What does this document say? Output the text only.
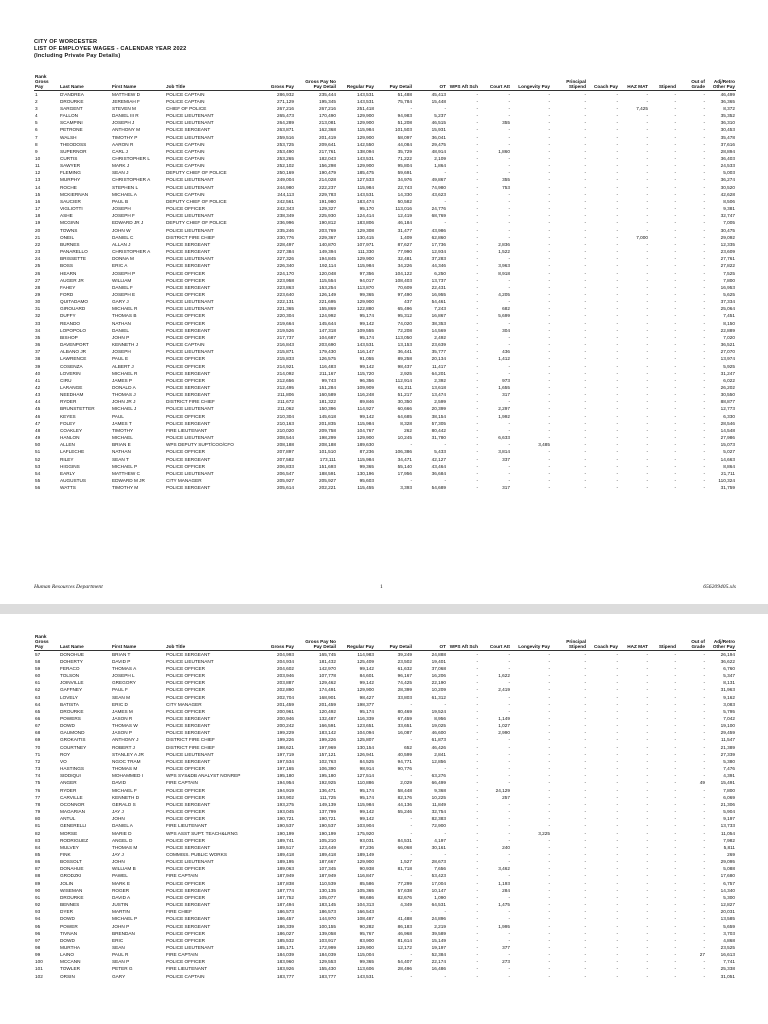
CITY OF WORCESTER
LIST OF EMPLOYEE WAGES - CALENDAR YEAR 2022
(Including Private Pay Details)
Rank Gross Pay	Last Name	First Name	Job Title	Gross Pay	Gross Pay No Pay Detail	Regular Pay	Pay Detail	OT	WPS Aft Sch	Court Att	Longevity Pay	Principal Stipend	Coach Pay	HAZ MAT	Stipend	Out of Grade	Adj/Retro Other Pay
1	D'ANDREA	MATTHEW D	POLICE CAPTAIN	286,932	235,444	143,531	51,488	45,413	-	-	-	-	-	-	-	-	46,499
2	DROURKE	JEREMIAH F	POLICE CAPTAIN	271,129	195,345	143,531	75,784	15,448	-	-	-	-	-	-	-	-	36,365
3	SARGENT	STEVEN M	CHIEF OF POLICE	267,216	267,216	251,418	-	-	-	-	-	-	-	7,425	-	-	8,372
4	FALLON	DANIEL III R	POLICE LIEUTENANT	265,473	170,490	129,900	94,983	5,237	-	-	-	-	-	-	-	-	35,352
5	SCAMPINI	JOSEPH J	POLICE LIEUTENANT	264,289	213,081	129,900	51,208	46,515	-	355	-	-	-	-	-	-	36,310
6	PETRONE	ANTHONY M	POLICE SERGEANT	263,871	162,368	115,984	101,503	15,931	-	-	-	-	-	-	-	-	30,453
7	WALSH	TIMOTHY P	POLICE LIEUTENANT	259,516	201,419	129,900	58,097	36,041	-	-	-	-	-	-	-	-	35,478
8	THEODOSS	AARON R	POLICE CAPTAIN	253,725	209,641	142,550	44,084	29,475	-	-	-	-	-	-	-	-	37,616
9	SUPERNOR	CARL J	POLICE CAPTAIN	253,490	217,761	138,094	35,729	48,914	-	1,860	-	-	-	-	-	-	28,894
10	CURTIS	CHRISTOPHER L	POLICE CAPTAIN	253,265	182,043	143,531	71,222	2,109	-	-	-	-	-	-	-	-	36,403
11	SAWYER	MARK J	POLICE CAPTAIN	252,102	156,298	129,900	95,804	1,864	-	-	-	-	-	-	-	-	24,533
12	FLEMING	SEAN J	DEPUTY CHIEF OF POLICE	250,169	190,479	185,475	59,691	-	-	-	-	-	-	-	-	-	5,003
13	MURPHY	CHRISTOPHER A	POLICE LIEUTENANT	249,004	214,028	127,533	34,976	49,867	-	355	-	-	-	-	-	-	36,274
14	ROCHE	STEPHEN L	POLICE LIEUTENANT	244,980	222,237	115,984	22,743	74,980	-	753	-	-	-	-	-	-	30,520
15	MCKIERNAN	MICHAEL A	POLICE CAPTAIN	244,113	229,783	143,531	14,330	43,623	-	-	-	-	-	-	-	-	42,628
16	SAUCIER	PAUL B	DEPUTY CHIEF OF POLICE	242,561	191,980	183,474	50,582	-	-	-	-	-	-	-	-	-	8,506
17	VIGLIOTTI	JOSEPH	POLICE OFFICER	242,343	129,327	95,170	113,016	24,776	-	-	-	-	-	-	-	-	9,381
18	ASHE	JOSEPH F	POLICE LIEUTENANT	238,349	225,930	124,414	12,419	68,769	-	-	-	-	-	-	-	-	32,747
19	MCGINN	EDWARD JR J	DEPUTY CHIEF OF POLICE	236,996	190,812	183,806	46,184	-	-	-	-	-	-	-	-	-	7,005
20	TOWNS	JOHN W	POLICE LIEUTENANT	235,246	203,769	129,308	31,477	43,986	-	-	-	-	-	-	-	-	30,475
21	ONEIL	DANIEL C	DISTRICT FIRE CHIEF	230,776	229,367	130,415	1,409	62,860	-	-	-	-	-	7,000	-	-	29,092
22	BURNES	ALLAN J	POLICE SERGEANT	228,497	140,870	107,971	87,627	17,736	-	2,836	-	-	-	-	-	-	12,335
23	PANARELLO	CHRISTOPHER A	POLICE SERGEANT	227,384	149,394	111,330	77,990	12,934	-	1,522	-	-	-	-	-	-	23,609
24	BRISSETTE	DONNA M	POLICE LIEUTENANT	227,326	194,845	129,900	32,481	37,283	-	-	-	-	-	-	-	-	27,761
25	BOSS	ERIC A	POLICE SERGEANT	226,340	192,114	115,984	34,226	44,346	-	3,963	-	-	-	-	-	-	27,822
26	HEARN	JOSEPH P	POLICE OFFICER	224,170	120,048	97,356	104,122	6,250	-	8,918	-	-	-	-	-	-	7,525
27	AUGER JR	WILLIAM	POLICE OFFICER	223,958	115,554	94,017	108,403	13,737	-	-	-	-	-	-	-	-	7,800
28	FAHEY	DANIEL F	POLICE SERGEANT	223,863	153,254	113,870	70,609	22,431	-	-	-	-	-	-	-	-	16,953
29	FORD	JOSEPH E	POLICE OFFICER	223,640	126,149	99,365	97,490	16,955	-	4,205	-	-	-	-	-	-	5,625
30	QUITADAMO	GARY J	POLICE LIEUTENANT	222,131	221,695	129,900	437	54,461	-	-	-	-	-	-	-	-	37,334
31	GIROUARD	MICHAEL R	POLICE LIEUTENANT	221,365	155,869	122,880	65,496	7,243	-	682	-	-	-	-	-	-	25,064
32	DUFFY	THOMAS B	POLICE OFFICER	220,304	124,992	95,174	95,312	16,867	-	5,699	-	-	-	-	-	-	7,451
33	REANDO	NATHAN	POLICE OFFICER	219,664	145,644	99,142	74,020	38,353	-	-	-	-	-	-	-	-	8,150
34	LOPOPOLO	DANIEL	POLICE SERGEANT	219,526	147,318	109,555	72,208	14,569	-	304	-	-	-	-	-	-	22,889
35	BISHOP	JOHN P	POLICE OFFICER	217,737	104,687	95,174	113,050	2,492	-	-	-	-	-	-	-	-	7,020
36	DAVENPORT	KENNETH J	POLICE CAPTAIN	216,843	203,690	143,531	13,153	23,639	-	-	-	-	-	-	-	-	36,521
37	ALBANO JR	JOSEPH	POLICE LIEUTENANT	215,871	179,430	116,147	36,441	35,777	-	436	-	-	-	-	-	-	27,070
38	LAWRENCE	PAUL E	POLICE OFFICER	215,833	126,575	91,055	89,258	20,134	-	1,412	-	-	-	-	-	-	13,974
39	COSENZA	ALBERT J	POLICE OFFICER	214,921	116,483	99,142	98,437	11,417	-	-	-	-	-	-	-	-	5,925
40	LOVERIN	MICHAEL R	POLICE SERGEANT	214,092	211,167	115,720	2,925	64,201	-	-	-	-	-	-	-	-	31,247
41	CIRU	JAMES P	POLICE OFFICER	212,656	99,743	96,356	112,914	2,392	-	973	-	-	-	-	-	-	6,022
42	LARANGE	DONALD A	POLICE SERGEANT	212,495	151,284	109,909	61,211	13,618	-	1,655	-	-	-	-	-	-	26,202
43	NEEDHAM	THOMAS J	POLICE SERGEANT	211,806	160,589	116,248	51,217	13,474	-	317	-	-	-	-	-	-	30,550
44	RYDER	JOHN JR J	DISTRICT FIRE CHIEF	211,672	181,322	89,846	30,350	2,599	-	-	-	-	-	-	-	-	88,877
45	BRUNSTETTER	MICHAEL J	POLICE LIEUTENANT	211,062	150,396	114,927	60,666	20,399	-	2,297	-	-	-	-	-	-	12,773
46	KEYES	PAUL	POLICE OFFICER	210,304	145,618	99,142	64,685	38,154	-	1,992	-	-	-	-	-	-	6,330
47	FOLEY	JAMES T	POLICE SERGEANT	210,163	201,835	115,984	8,328	57,305	-	-	-	-	-	-	-	-	28,546
48	COAKLEY	TIMOTHY	FIRE LIEUTENANT	210,020	209,758	104,767	262	80,442	-	-	-	-	-	-	-	-	14,548
49	HANLON	MICHAEL	POLICE LIEUTENANT	208,544	198,299	129,900	10,245	31,780	-	6,633	-	-	-	-	-	-	27,986
50	ALLEN	BRIAN E	WPS DEPUTY SUPT/COO/CFO	208,188	208,188	189,630	-	-	-	-	3,485	-	-	-	-	-	15,073
51	LAFLECHE	NATHAN	POLICE OFFICER	207,897	101,510	87,236	106,386	5,433	-	3,814	-	-	-	-	-	-	5,027
52	RILEY	SEAN T	POLICE SERGEANT	207,582	173,111	115,984	34,471	42,127	-	337	-	-	-	-	-	-	14,663
53	HIGGINS	MICHAEL P	POLICE OFFICER	206,833	151,693	99,365	55,140	43,464	-	-	-	-	-	-	-	-	8,864
54	EARLY	MATTHEW C	POLICE LIEUTENANT	206,547	188,591	130,196	17,956	36,684	-	-	-	-	-	-	-	-	21,711
55	AUGUSTUS	EDWARD M JR	CITY MANAGER	205,927	205,927	95,603	-	-	-	-	-	-	-	-	-	-	110,324
56	WATTS	TIMOTHY M	POLICE SERGEANT	205,614	202,221	115,455	3,393	54,689	-	317	-	-	-	-	-	-	31,759
Human Resources Department	1	656209405.xls
Rank Gross Pay	Last Name	First Name	Job Title	Gross Pay	Gross Pay No Pay Detail	Regular Pay	Pay Detail	OT	WPS Aft Sch	Court Att	Longevity Pay	Principal Stipend	Coach Pay	HAZ MAT	Stipend	Out of Grade	Adj/Retro Other Pay
57	DONOHUE	BRIAN T	POLICE SERGEANT	204,993	165,745	114,983	39,249	24,888	-	-	-	-	-	-	-	-	26,194
58	DOHERTY	DAVID P	POLICE LIEUTENANT	204,934	181,432	125,409	23,502	19,401	-	-	-	-	-	-	-	-	36,622
59	FERACO	THOMAS A	POLICE OFFICER	204,602	142,970	99,142	61,632	37,068	-	-	-	-	-	-	-	-	6,760
60	TOLSON	JOSEPH L	POLICE OFFICER	203,946	107,778	84,601	96,167	16,206	-	1,622	-	-	-	-	-	-	5,347
61	JOINVILLE	GREGORY	POLICE OFFICER	203,887	129,462	99,142	74,425	22,190	-	-	-	-	-	-	-	-	8,131
62	GAFFNEY	PAUL F	POLICE OFFICER	202,890	174,491	129,900	28,399	10,209	-	2,419	-	-	-	-	-	-	31,963
63	LOVELY	SEAN M	POLICE OFFICER	202,704	168,901	98,427	33,803	61,312	-	-	-	-	-	-	-	-	9,162
64	BATISTA	ERIC D	CITY MANAGER	201,459	201,459	198,377	-	-	-	-	-	-	-	-	-	-	3,083
65	DROURKE	JAMES M	POLICE OFFICER	200,961	120,492	95,174	80,469	19,524	-	-	-	-	-	-	-	-	5,795
66	POWERS	JASON R	POLICE SERGEANT	200,946	132,487	116,339	67,459	8,956	-	1,149	-	-	-	-	-	-	7,042
67	DOWD	THOMAS W	POLICE SERGEANT	200,242	166,591	123,651	33,651	19,025	-	1,027	-	-	-	-	-	-	19,100
68	GAUMOND	JASON P	POLICE SERGEANT	199,229	183,142	104,094	16,087	46,600	-	2,990	-	-	-	-	-	-	29,459
69	GROKAITIS	ANTHONY J	DISTRICT FIRE CHIEF	199,226	199,226	125,807	-	61,873	-	-	-	-	-	-	-	-	11,547
70	COURTNEY	ROBERT J	DISTRICT FIRE CHIEF	198,621	197,969	130,154	652	46,426	-	-	-	-	-	-	-	-	21,389
71	ROY	STANLEY A JR	POLICE LIEUTENANT	197,719	157,121	126,941	40,599	2,841	-	-	-	-	-	-	-	-	27,339
72	VO	NGOC TRAM	POLICE SERGEANT	197,534	102,763	84,525	94,771	12,856	-	-	-	-	-	-	-	-	5,380
73	HASTINGS	THOMAS M	POLICE OFFICER	197,165	106,390	98,914	90,776	-	-	-	-	-	-	-	-	-	7,476
74	SIDDIQUI	MOHAMMED I	WPS SYS&DB ANALYST NONREP	195,180	195,180	127,514	-	63,276	-	-	-	-	-	-	-	-	4,391
75	ANGER	DAVID	FIRE CAPTAIN	194,954	192,925	110,886	2,029	66,499	-	-	-	-	-	-	-	49	15,491
76	RYDER	MICHAEL F	POLICE OFFICER	194,919	136,471	95,174	58,448	9,368	-	24,129	-	-	-	-	-	-	7,800
77	CARVILLE	KENNETH D	POLICE OFFICER	193,902	111,725	95,174	82,176	10,225	-	257	-	-	-	-	-	-	6,069
78	OCONNOR	GERALD S	POLICE SERGEANT	193,275	149,139	115,984	44,136	11,849	-	-	-	-	-	-	-	-	21,306
79	MAGARIAN	JAY J	POLICE OFFICER	193,045	137,799	99,142	55,246	32,754	-	-	-	-	-	-	-	-	5,904
80	ANTUL	JOHN	POLICE OFFICER	190,721	190,721	99,142	-	82,383	-	-	-	-	-	-	-	-	9,197
81	GENERELLI	DANIEL A	FIRE LIEUTENANT	190,537	190,537	103,904	-	72,900	-	-	-	-	-	-	-	-	13,733
82	MORSE	MARIE D	WPS ASST SUPT. TEACH&LRNG	190,199	190,199	175,920	-	-	-	-	3,225	-	-	-	-	-	11,054
83	RODRIGUEZ	ANGEL D	POLICE OFFICER	189,741	105,210	93,031	84,531	4,197	-	-	-	-	-	-	-	-	7,982
84	MULVEY	THOMAS M	POLICE SERGEANT	189,517	123,449	87,236	66,068	30,161	-	240	-	-	-	-	-	-	5,811
85	FINK	JAY J	COMMISS. PUBLIC WORKS	189,418	189,418	189,149	-	-	-	-	-	-	-	-	-	-	269
86	BOSSOLT	JOHN	POLICE LIEUTENANT	189,195	187,667	129,900	1,527	28,673	-	-	-	-	-	-	-	-	29,095
87	DONAHUE	WILLIAM B	POLICE OFFICER	189,063	107,345	90,938	81,718	7,656	-	3,462	-	-	-	-	-	-	5,088
88	GRODZKI	PAWEL	FIRE CAPTAIN	187,949	187,949	116,847	-	53,423	-	-	-	-	-	-	-	-	17,680
89	JOLIN	MARK E	POLICE OFFICER	187,838	110,539	85,586	77,299	17,004	-	1,193	-	-	-	-	-	-	6,757
90	WISEMAN	ROGER	POLICE SERGEANT	187,774	130,135	105,365	57,638	10,147	-	284	-	-	-	-	-	-	14,340
91	DROURKE	DAVID A	POLICE OFFICER	187,752	105,077	98,686	82,676	1,090	-	-	-	-	-	-	-	-	5,300
92	BENNES	JUSTIN	POLICE SERGEANT	187,494	183,145	104,313	4,349	64,531	-	1,475	-	-	-	-	-	-	12,827
93	DYER	MARTIN	FIRE CHIEF	186,573	186,573	166,543	-	-	-	-	-	-	-	-	-	-	20,031
94	DOWD	MICHAEL P	POLICE SERGEANT	186,457	144,970	108,487	41,488	24,896	-	-	-	-	-	-	-	-	13,585
95	POWER	JOHN P	POLICE SERGEANT	186,339	100,155	90,282	86,183	2,219	-	1,995	-	-	-	-	-	-	5,659
96	TIVNAN	BRENDAN	POLICE OFFICER	186,027	139,058	95,767	46,968	39,589	-	-	-	-	-	-	-	-	3,703
97	DOWD	ERIC	POLICE OFFICER	185,532	103,917	83,900	81,614	15,149	-	-	-	-	-	-	-	-	4,868
98	MURTHA	SEAN	POLICE LIEUTENANT	185,171	172,999	129,900	12,172	19,197	-	377	-	-	-	-	-	-	23,525
99	LAINO	PAUL R	FIRE CAPTAIN	184,039	184,039	115,004	-	52,384	-	-	-	-	-	-	-	27	16,613
100	MCCANN	SEAN P	POLICE OFFICER	183,960	129,553	99,365	54,407	22,174	-	273	-	-	-	-	-	-	7,741
101	TOWLER	PETER G	FIRE LIEUTENANT	183,926	155,430	113,606	28,496	16,486	-	-	-	-	-	-	-	-	25,338
102	ORSIN	GARY	POLICE CAPTAIN	183,777	183,777	143,531	-	-	-	-	-	-	-	-	-	-	31,051
